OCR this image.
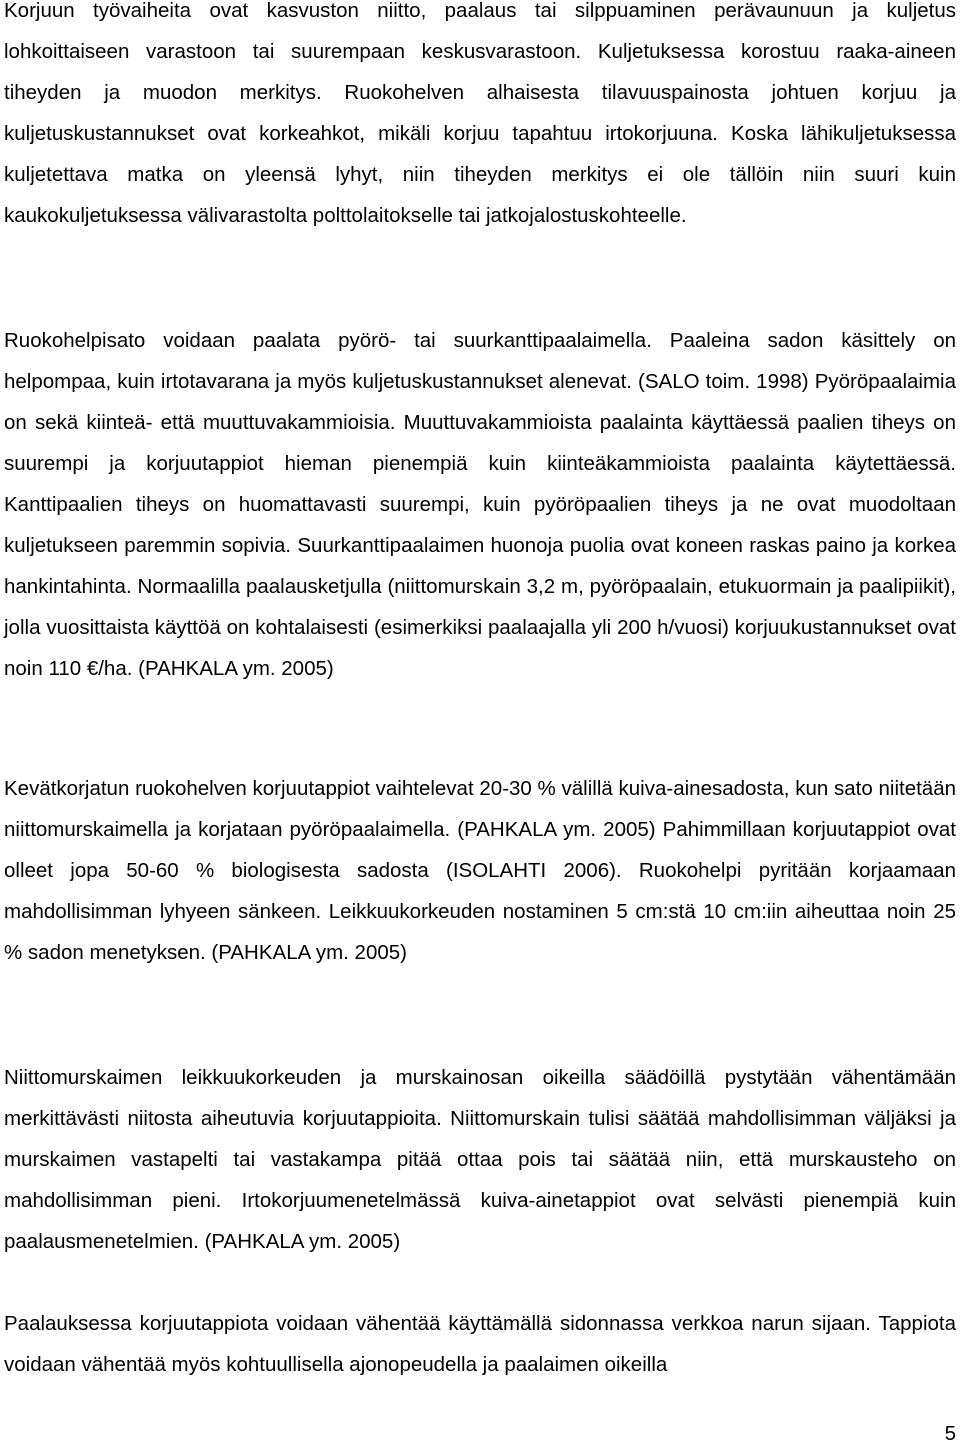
Korjuun työvaiheita ovat kasvuston niitto, paalaus tai silppuaminen perävaunuun ja kuljetus lohkoittaiseen varastoon tai suurempaan keskusvarastoon. Kuljetuksessa korostuu raaka-aineen tiheyden ja muodon merkitys. Ruokohelven alhaisesta tilavuuspainosta johtuen korjuu ja kuljetuskustannukset ovat korkeahkot, mikäli korjuu tapahtuu irtokorjuuna. Koska lähikuljetuksessa kuljetettava matka on yleensä lyhyt, niin tiheyden merkitys ei ole tällöin niin suuri kuin kaukokuljetuksessa välivarastolta polttolaitokselle tai jatkojalostuskohteelle.

Ruokohelpisato voidaan paalata pyörö- tai suurkanttipaalaimella. Paaleina sadon käsittely on helpompaa, kuin irtotavarana ja myös kuljetuskustannukset alenevat. (SALO toim. 1998) Pyöröpaalaimia on sekä kiinteä- että muuttuvakammioisia. Muuttuvakammioista paalainta käyttäessä paalien tiheys on suurempi ja korjuutappiot hieman pienempiä kuin kiinteäkammioista paalainta käytettäessä. Kanttipaalien tiheys on huomattavasti suurempi, kuin pyöröpaalien tiheys ja ne ovat muodoltaan kuljetukseen paremmin sopivia. Suurkanttipaalaimen huonoja puolia ovat koneen raskas paino ja korkea hankintahinta. Normaalilla paalausketjulla (niittomurskain 3,2 m, pyöröpaalain, etukuormain ja paalipiikit), jolla vuosittaista käyttöä on kohtalaisesti (esimerkiksi paalaajalla yli 200 h/vuosi) korjuukustannukset ovat noin 110 €/ha. (PAHKALA ym. 2005)

Kevätkorjatun ruokohelven korjuutappiot vaihtelevat 20-30 % välillä kuiva-ainesadosta, kun sato niitetään niittomurskaimella ja korjataan pyöröpaalaimella. (PAHKALA ym. 2005) Pahimmillaan korjuutappiot ovat olleet jopa 50-60 % biologisesta sadosta (ISOLAHTI 2006). Ruokohelpi pyritään korjaamaan mahdollisimman lyhyeen sänkeen. Leikkuukorkeuden nostaminen 5 cm:stä 10 cm:iin aiheuttaa noin 25 % sadon menetyksen. (PAHKALA ym. 2005)

Niittomurskaimen leikkuukorkeuden ja murskainosan oikeilla säädöillä pystytään vähentämään merkittävästi niitosta aiheutuvia korjuutappioita. Niittomurskain tulisi säätää mahdollisimman väljäksi ja murskaimen vastapelti tai vastakampa pitää ottaa pois tai säätää niin, että murskausteho on mahdollisimman pieni. Irtokorjuumenetelmässä kuiva-ainetappiot ovat selvästi pienempiä kuin paalausmenetelmien. (PAHKALA ym. 2005)

Paalauksessa korjuutappiota voidaan vähentää käyttämällä sidonnassa verkkoa narun sijaan. Tappiota voidaan vähentää myös kohtuullisella ajonopeudella ja paalaimen oikeilla

5
